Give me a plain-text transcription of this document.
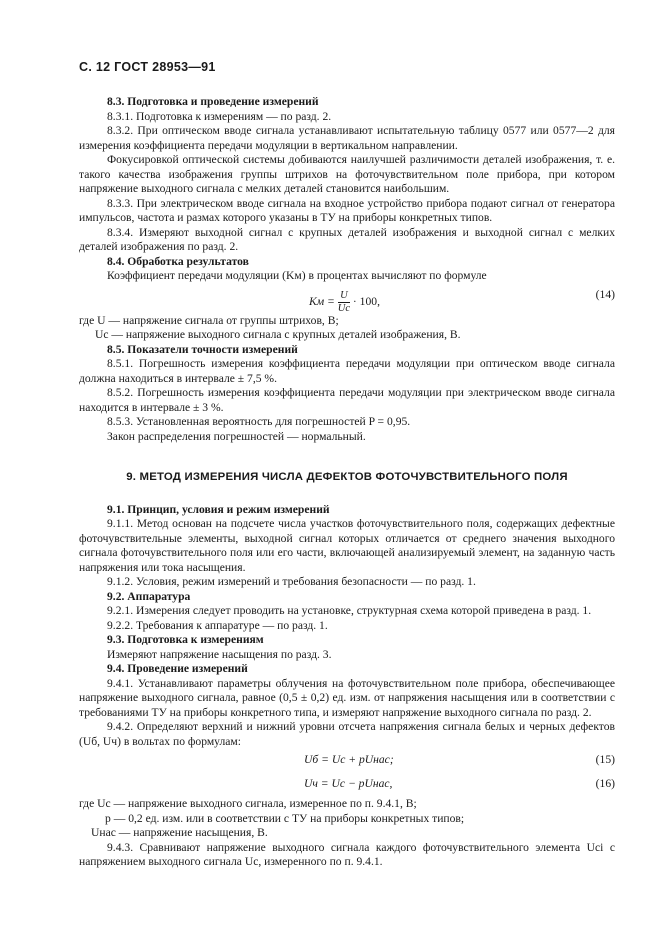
С. 12 ГОСТ 28953—91

8.3. Подготовка и проведение измерений

8.3.1. Подготовка к измерениям — по разд. 2.

8.3.2. При оптическом вводе сигнала устанавливают испытательную таблицу 0577 или 0577—2 для измерения коэффициента передачи модуляции в вертикальном направлении.

Фокусировкой оптической системы добиваются наилучшей различимости деталей изображения, т. е. такого качества изображения группы штрихов на фоточувствительном поле прибора, при котором напряжение выходного сигнала с мелких деталей становится наибольшим.

8.3.3. При электрическом вводе сигнала на входное устройство прибора подают сигнал от генератора импульсов, частота и размах которого указаны в ТУ на приборы конкретных типов.

8.3.4. Измеряют выходной сигнал с крупных деталей изображения и выходной сигнал с мелких деталей изображения по разд. 2.

8.4. Обработка результатов

Коэффициент передачи модуляции (Kм) в процентах вычисляют по формуле

Kм = $\frac{U}{Uc} \cdot 100$,
(14)

где U — напряжение сигнала от группы штрихов, В;

Uc — напряжение выходного сигнала с крупных деталей изображения, В.

8.5. Показатели точности измерений

8.5.1. Погрешность измерения коэффициента передачи модуляции при оптическом вводе сигнала должна находиться в интервале ± 7,5 %.

8.5.2. Погрешность измерения коэффициента передачи модуляции при электрическом вводе сигнала находится в интервале ± 3 %.

8.5.3. Установленная вероятность для погрешностей P = 0,95.

Закон распределения погрешностей — нормальный.

9. МЕТОД ИЗМЕРЕНИЯ ЧИСЛА ДЕФЕКТОВ ФОТОЧУВСТВИТЕЛЬНОГО ПОЛЯ

9.1. Принцип, условия и режим измерений

9.1.1. Метод основан на подсчете числа участков фоточувствительного поля, содержащих дефектные фоточувствительные элементы, выходной сигнал которых отличается от среднего значения выходного сигнала фоточувствительного поля или его части, включающей анализируемый элемент, на заданную часть напряжения или тока насыщения.

9.1.2. Условия, режим измерений и требования безопасности — по разд. 1.

9.2. Аппаратура

9.2.1. Измерения следует проводить на установке, структурная схема которой приведена в разд. 1.

9.2.2. Требования к аппаратуре — по разд. 1.

9.3. Подготовка к измерениям

Измеряют напряжение насыщения по разд. 3.

9.4. Проведение измерений

9.4.1. Устанавливают параметры облучения на фоточувствительном поле прибора, обеспечивающее напряжение выходного сигнала, равное (0,5 ± 0,2) ед. изм. от напряжения насыщения или в соответствии с требованиями ТУ на приборы конкретного типа, и измеряют напряжение выходного сигнала по разд. 2.

9.4.2. Определяют верхний и нижний уровни отсчета напряжения сигнала белых и черных дефектов (Uб, Uч) в вольтах по формулам:

Uб = Uc + pUнас;	(15)
Uч = Uc − pUнас,	(16)

где Uc — напряжение выходного сигнала, измеренное по п. 9.4.1, В;

p — 0,2 ед. изм. или в соответствии с ТУ на приборы конкретных типов;

Uнас — напряжение насыщения, В.

9.4.3. Сравнивают напряжение выходного сигнала каждого фоточувствительного элемента Uci с напряжением выходного сигнала Uc, измеренного по п. 9.4.1.
